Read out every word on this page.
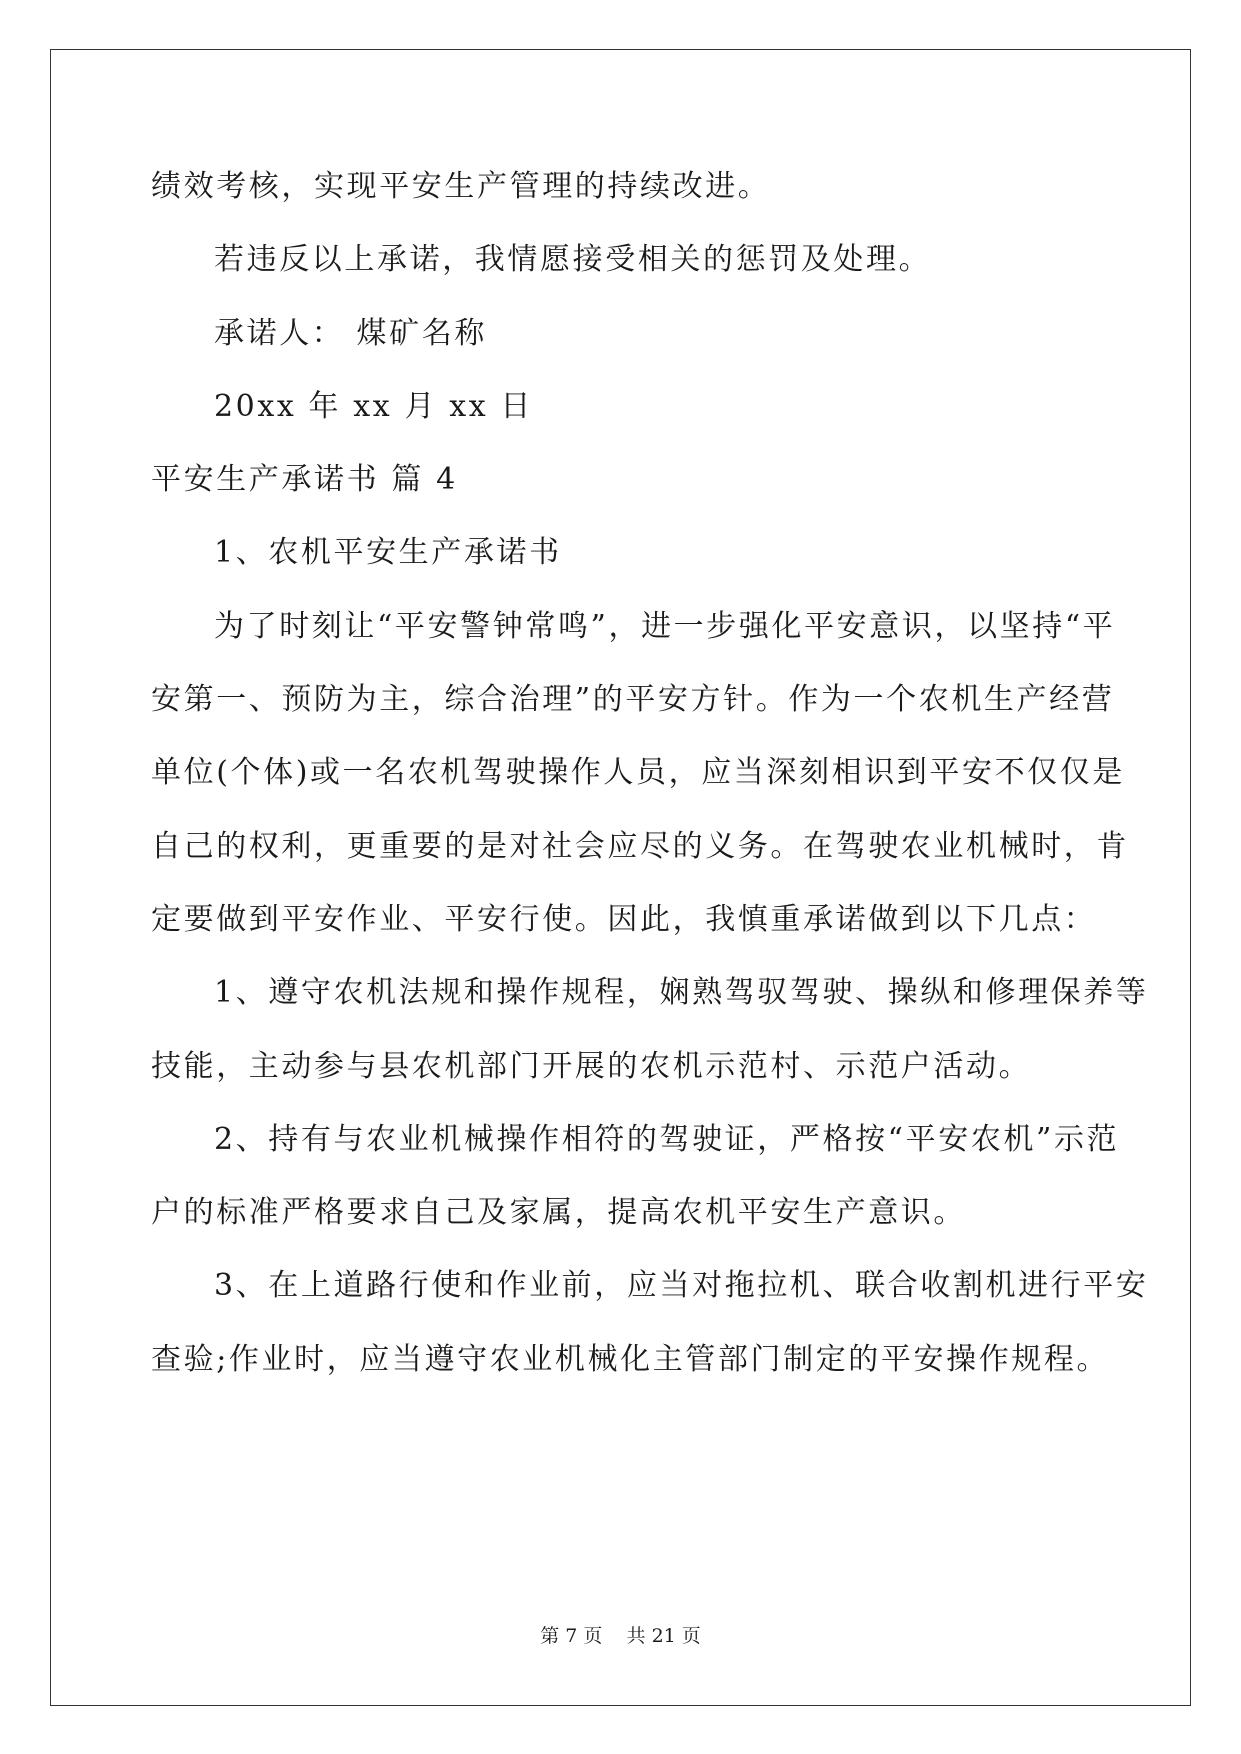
绩效考核，实现平安生产管理的持续改进。
若违反以上承诺，我情愿接受相关的惩罚及处理。
承诺人： 煤矿名称
20xx 年 xx 月 xx 日
平安生产承诺书 篇 4
1、农机平安生产承诺书
为了时刻让“平安警钟常鸣”，进一步强化平安意识，以坚持“平
安第一、预防为主，综合治理”的平安方针。作为一个农机生产经营
单位(个体)或一名农机驾驶操作人员，应当深刻相识到平安不仅仅是
自己的权利，更重要的是对社会应尽的义务。在驾驶农业机械时，肯
定要做到平安作业、平安行使。因此，我慎重承诺做到以下几点：
1、遵守农机法规和操作规程，娴熟驾驭驾驶、操纵和修理保养等
技能，主动参与县农机部门开展的农机示范村、示范户活动。
2、持有与农业机械操作相符的驾驶证，严格按“平安农机”示范
户的标准严格要求自己及家属，提高农机平安生产意识。
3、在上道路行使和作业前，应当对拖拉机、联合收割机进行平安
查验;作业时，应当遵守农业机械化主管部门制定的平安操作规程。
第 7 页    共 21 页
